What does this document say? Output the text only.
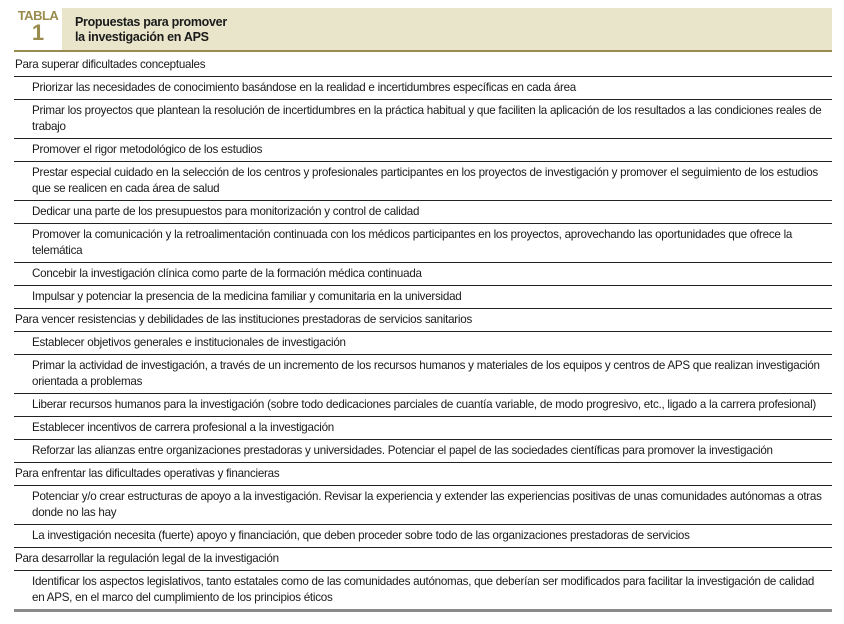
TABLA
1	Propuestas para promover
la investigación en APS
Para superar dificultades conceptuales
Priorizar las necesidades de conocimiento basándose en la realidad e incertidumbres específicas en cada área
Primar los proyectos que plantean la resolución de incertidumbres en la práctica habitual y que faciliten la aplicación de los resultados a las condiciones reales de trabajo
Promover el rigor metodológico de los estudios
Prestar especial cuidado en la selección de los centros y profesionales participantes en los proyectos de investigación y promover el seguimiento de los estudios que se realicen en cada área de salud
Dedicar una parte de los presupuestos para monitorización y control de calidad
Promover la comunicación y la retroalimentación continuada con los médicos participantes en los proyectos, aprovechando las oportunidades que ofrece la telemática
Concebir la investigación clínica como parte de la formación médica continuada
Impulsar y potenciar la presencia de la medicina familiar y comunitaria en la universidad
Para vencer resistencias y debilidades de las instituciones prestadoras de servicios sanitarios
Establecer objetivos generales e institucionales de investigación
Primar la actividad de investigación, a través de un incremento de los recursos humanos y materiales de los equipos y centros de APS que realizan investigación orientada a problemas
Liberar recursos humanos para la investigación (sobre todo dedicaciones parciales de cuantía variable, de modo progresivo, etc., ligado a la carrera profesional)
Establecer incentivos de carrera profesional a la investigación
Reforzar las alianzas entre organizaciones prestadoras y universidades. Potenciar el papel de las sociedades científicas para promover la investigación
Para enfrentar las dificultades operativas y financieras
Potenciar y/o crear estructuras de apoyo a la investigación. Revisar la experiencia y extender las experiencias positivas de unas comunidades autónomas a otras donde no las hay
La investigación necesita (fuerte) apoyo y financiación, que deben proceder sobre todo de las organizaciones prestadoras de servicios
Para desarrollar la regulación legal de la investigación
Identificar los aspectos legislativos, tanto estatales como de las comunidades autónomas, que deberían ser modificados para facilitar la investigación de calidad en APS, en el marco del cumplimiento de los principios éticos
